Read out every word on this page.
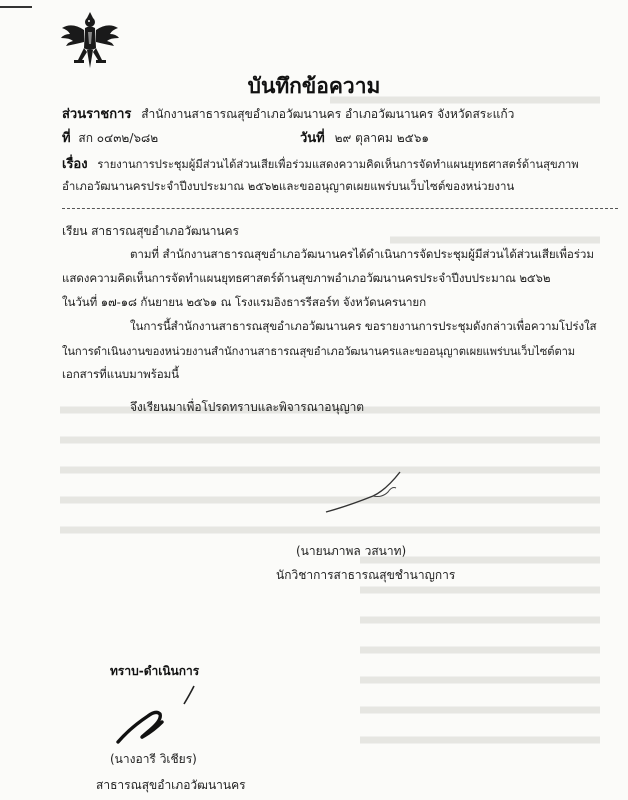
บันทึกข้อความ
ส่วนราชการ สำนักงานสาธารณสุขอำเภอวัฒนานคร อำเภอวัฒนานคร จังหวัดสระแก้ว
ที่ สก ๐๔๓๒/๖๘๒	วันที่ ๒๙ ตุลาคม ๒๕๖๑
เรื่อง รายงานการประชุมผู้มีส่วนได้ส่วนเสียเพื่อร่วมแสดงความคิดเห็นการจัดทำแผนยุทธศาสตร์ด้านสุขภาพ
อำเภอวัฒนานครประจำปีงบประมาณ ๒๕๖๒และขออนุญาตเผยแพร่บนเว็บไซต์ของหน่วยงาน
เรียน สาธารณสุขอำเภอวัฒนานคร
ตามที่ สำนักงานสาธารณสุขอำเภอวัฒนานครได้ดำเนินการจัดประชุมผู้มีส่วนได้ส่วนเสียเพื่อร่วม
แสดงความคิดเห็นการจัดทำแผนยุทธศาสตร์ด้านสุขภาพอำเภอวัฒนานครประจำปีงบประมาณ ๒๕๖๒
ในวันที่ ๑๗-๑๘ กันยายน ๒๕๖๑ ณ โรงแรมอิงธารรีสอร์ท จังหวัดนครนายก
ในการนี้สำนักงานสาธารณสุขอำเภอวัฒนานคร ขอรายงานการประชุมดังกล่าวเพื่อความโปร่งใส
ในการดำเนินงานของหน่วยงานสำนักงานสาธารณสุขอำเภอวัฒนานครและขออนุญาตเผยแพร่บนเว็บไซต์ตาม
เอกสารที่แนบมาพร้อมนี้
จึงเรียนมาเพื่อโปรดทราบและพิจารณาอนุญาต
(นายนภาพล วสนาท)
นักวิชาการสาธารณสุขชำนาญการ
ทราบ-ดำเนินการ
(นางอารี วิเชียร)
สาธารณสุขอำเภอวัฒนานคร
